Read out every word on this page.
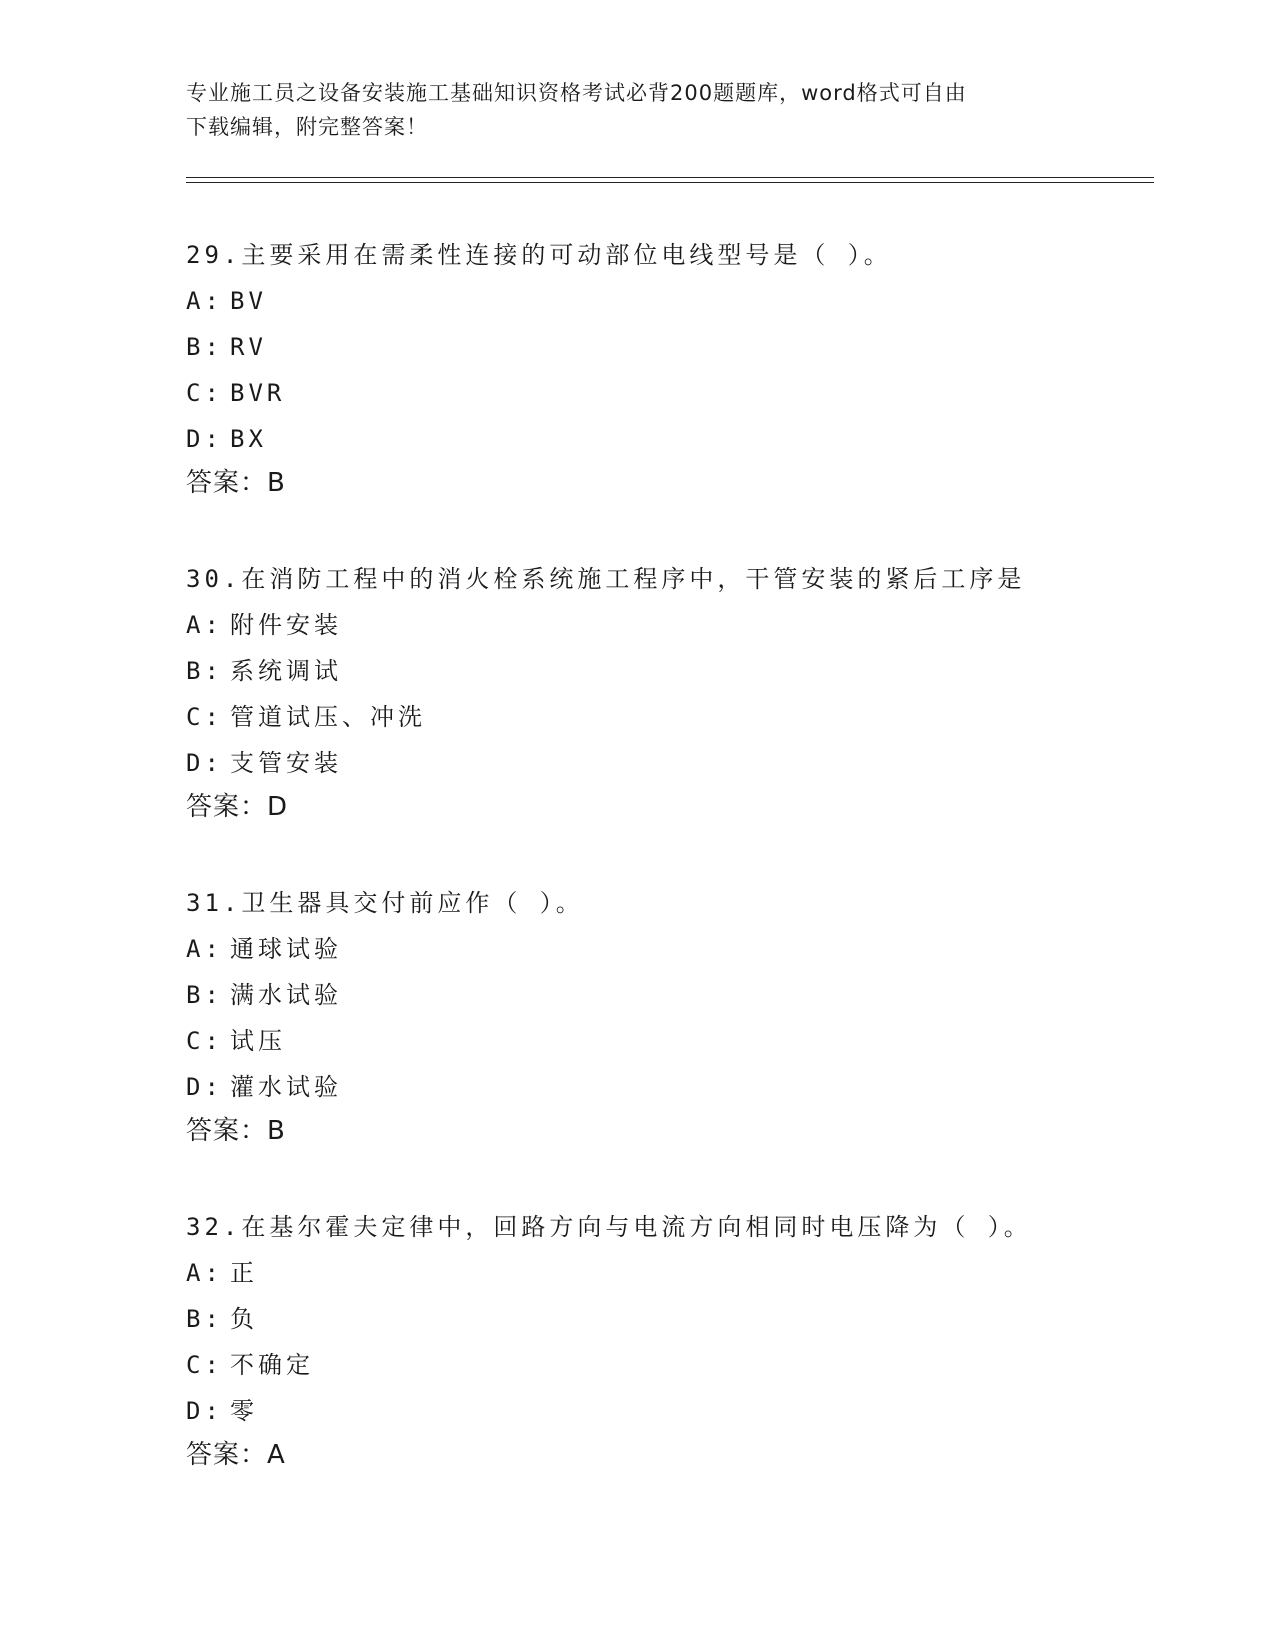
专业施工员之设备安装施工基础知识资格考试必背200题题库，word格式可自由
下载编辑，附完整答案！
29.主要采用在需柔性连接的可动部位电线型号是（ ）。
A: BV
B: RV
C: BVR
D: BX
答案：B
30.在消防工程中的消火栓系统施工程序中，干管安装的紧后工序是
A: 附件安装
B: 系统调试
C: 管道试压、冲洗
D: 支管安装
答案：D
31.卫生器具交付前应作（ ）。
A: 通球试验
B: 满水试验
C: 试压
D: 灌水试验
答案：B
32.在基尔霍夫定律中，回路方向与电流方向相同时电压降为（ ）。
A: 正
B: 负
C: 不确定
D: 零
答案：A
